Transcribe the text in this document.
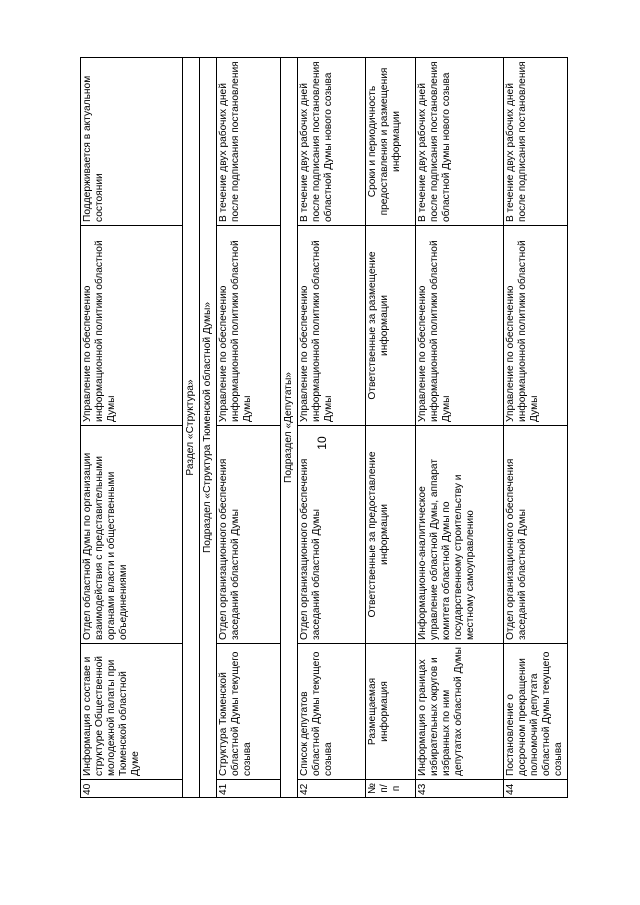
10
40	Информация о составе и структуре Общественной молодежной палаты при Тюменской областной Думе	Отдел областной Думы по организации взаимодействия с представительными органами власти и общественными объединениями	Управление по обеспечению информационной политики областной Думы	Поддерживается в актуальном состоянии
Раздел «Структура»				
Подраздел «Структура Тюменской областной Думы»				
41	Структура Тюменской областной Думы текущего созыва	Отдел организационного обеспечения заседаний областной Думы	Управление по обеспечению информационной политики областной Думы	В течение двух рабочих дней после подписания постановления
Подраздел «Депутаты»				
42	Список депутатов областной Думы текущего созыва	Отдел организационного обеспечения заседаний областной Думы	Управление по обеспечению информационной политики областной Думы	В течение двух рабочих дней после подписания постановления областной Думы нового созыва
№ п/п	Размещаемая информация	Ответственные за предоставление информации	Ответственные за размещение информации	Сроки и периодичность предоставления и размещения информации
43	Информация о границах избирательных округов и избранных по ним депутатах областной Думы	Информационно-аналитическое управление областной Думы, аппарат комитета областной Думы по государственному строительству и местному самоуправлению	Управление по обеспечению информационной политики областной Думы	В течение двух рабочих дней после подписания постановления областной Думы нового созыва
44	Постановление о досрочном прекращении полномочий депутата областной Думы текущего созыва	Отдел организационного обеспечения заседаний областной Думы	Управление по обеспечению информационной политики областной Думы	В течение двух рабочих дней после подписания постановления
